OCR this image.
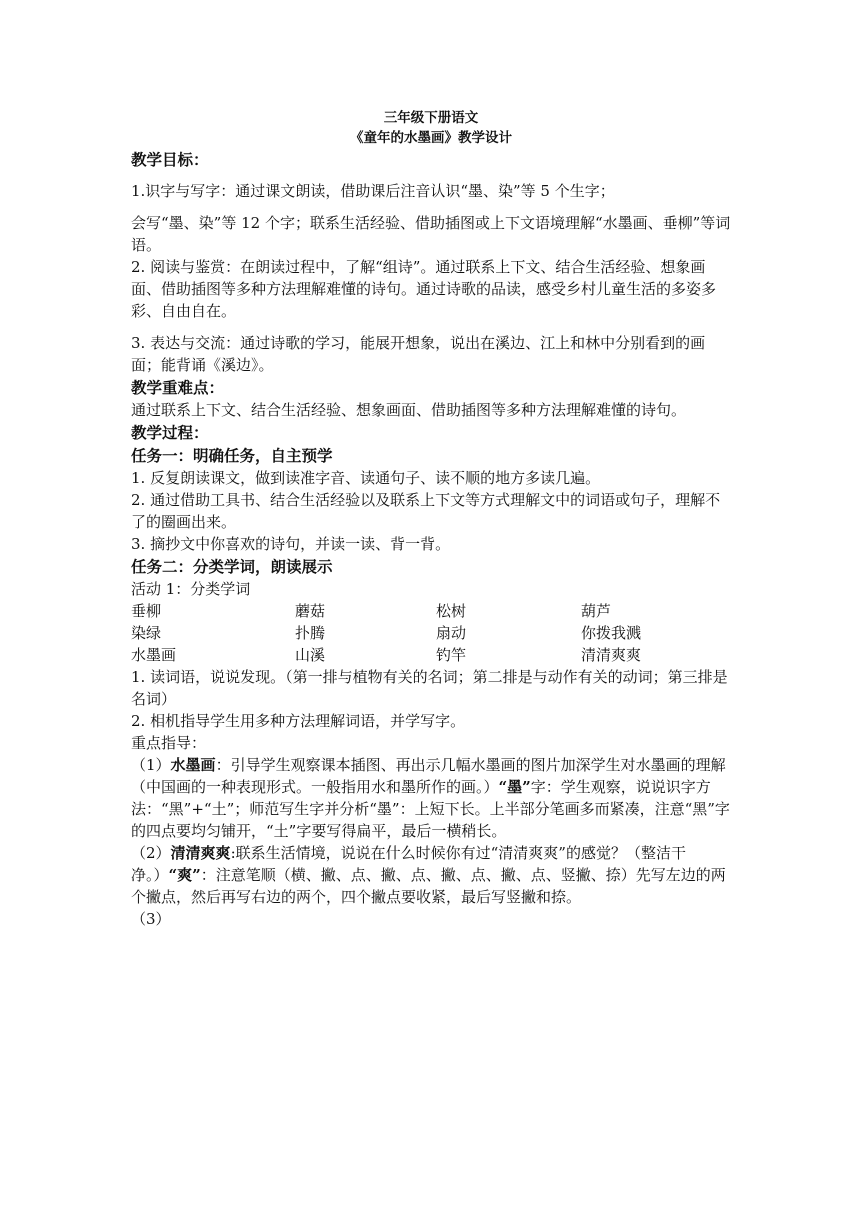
三年级下册语文
《童年的水墨画》教学设计

教学目标：

1.识字与写字：通过课文朗读，借助课后注音认识“墨、染”等 5 个生字；

会写“墨、染”等 12 个字；联系生活经验、借助插图或上下文语境理解“水墨画、垂柳”等词语。

2. 阅读与鉴赏：在朗读过程中，了解“组诗”。通过联系上下文、结合生活经验、想象画面、借助插图等多种方法理解难懂的诗句。通过诗歌的品读，感受乡村儿童生活的多姿多彩、自由自在。

3. 表达与交流：通过诗歌的学习，能展开想象，说出在溪边、江上和林中分别看到的画面；能背诵《溪边》。

教学重难点：

通过联系上下文、结合生活经验、想象画面、借助插图等多种方法理解难懂的诗句。

教学过程：

任务一：明确任务，自主预学

1. 反复朗读课文，做到读准字音、读通句子、读不顺的地方多读几遍。

2. 通过借助工具书、结合生活经验以及联系上下文等方式理解文中的词语或句子，理解不了的圈画出来。

3. 摘抄文中你喜欢的诗句，并读一读、背一背。

任务二：分类学词，朗读展示

活动 1：分类学词

垂柳	蘑菇	松树	葫芦
染绿	扑腾	扇动	你拨我溅
水墨画	山溪	钓竿	清清爽爽

1. 读词语，说说发现。（第一排与植物有关的名词；第二排是与动作有关的动词；第三排是名词）

2. 相机指导学生用多种方法理解词语，并学写字。

重点指导：

（1）水墨画：引导学生观察课本插图、再出示几幅水墨画的图片加深学生对水墨画的理解（中国画的一种表现形式。一般指用水和墨所作的画。）“墨”字：学生观察，说说识字方法：“黑”+“土”；师范写生字并分析“墨”：上短下长。上半部分笔画多而紧凑，注意“黑”字的四点要均匀铺开，“土”字要写得扁平，最后一横稍长。

（2）清清爽爽:联系生活情境，说说在什么时候你有过“清清爽爽”的感觉？（整洁干净。）“爽”：注意笔顺（横、撇、点、撇、点、撇、点、撇、点、竖撇、捺）先写左边的两个撇点，然后再写右边的两个，四个撇点要收紧，最后写竖撇和捺。

（3）
